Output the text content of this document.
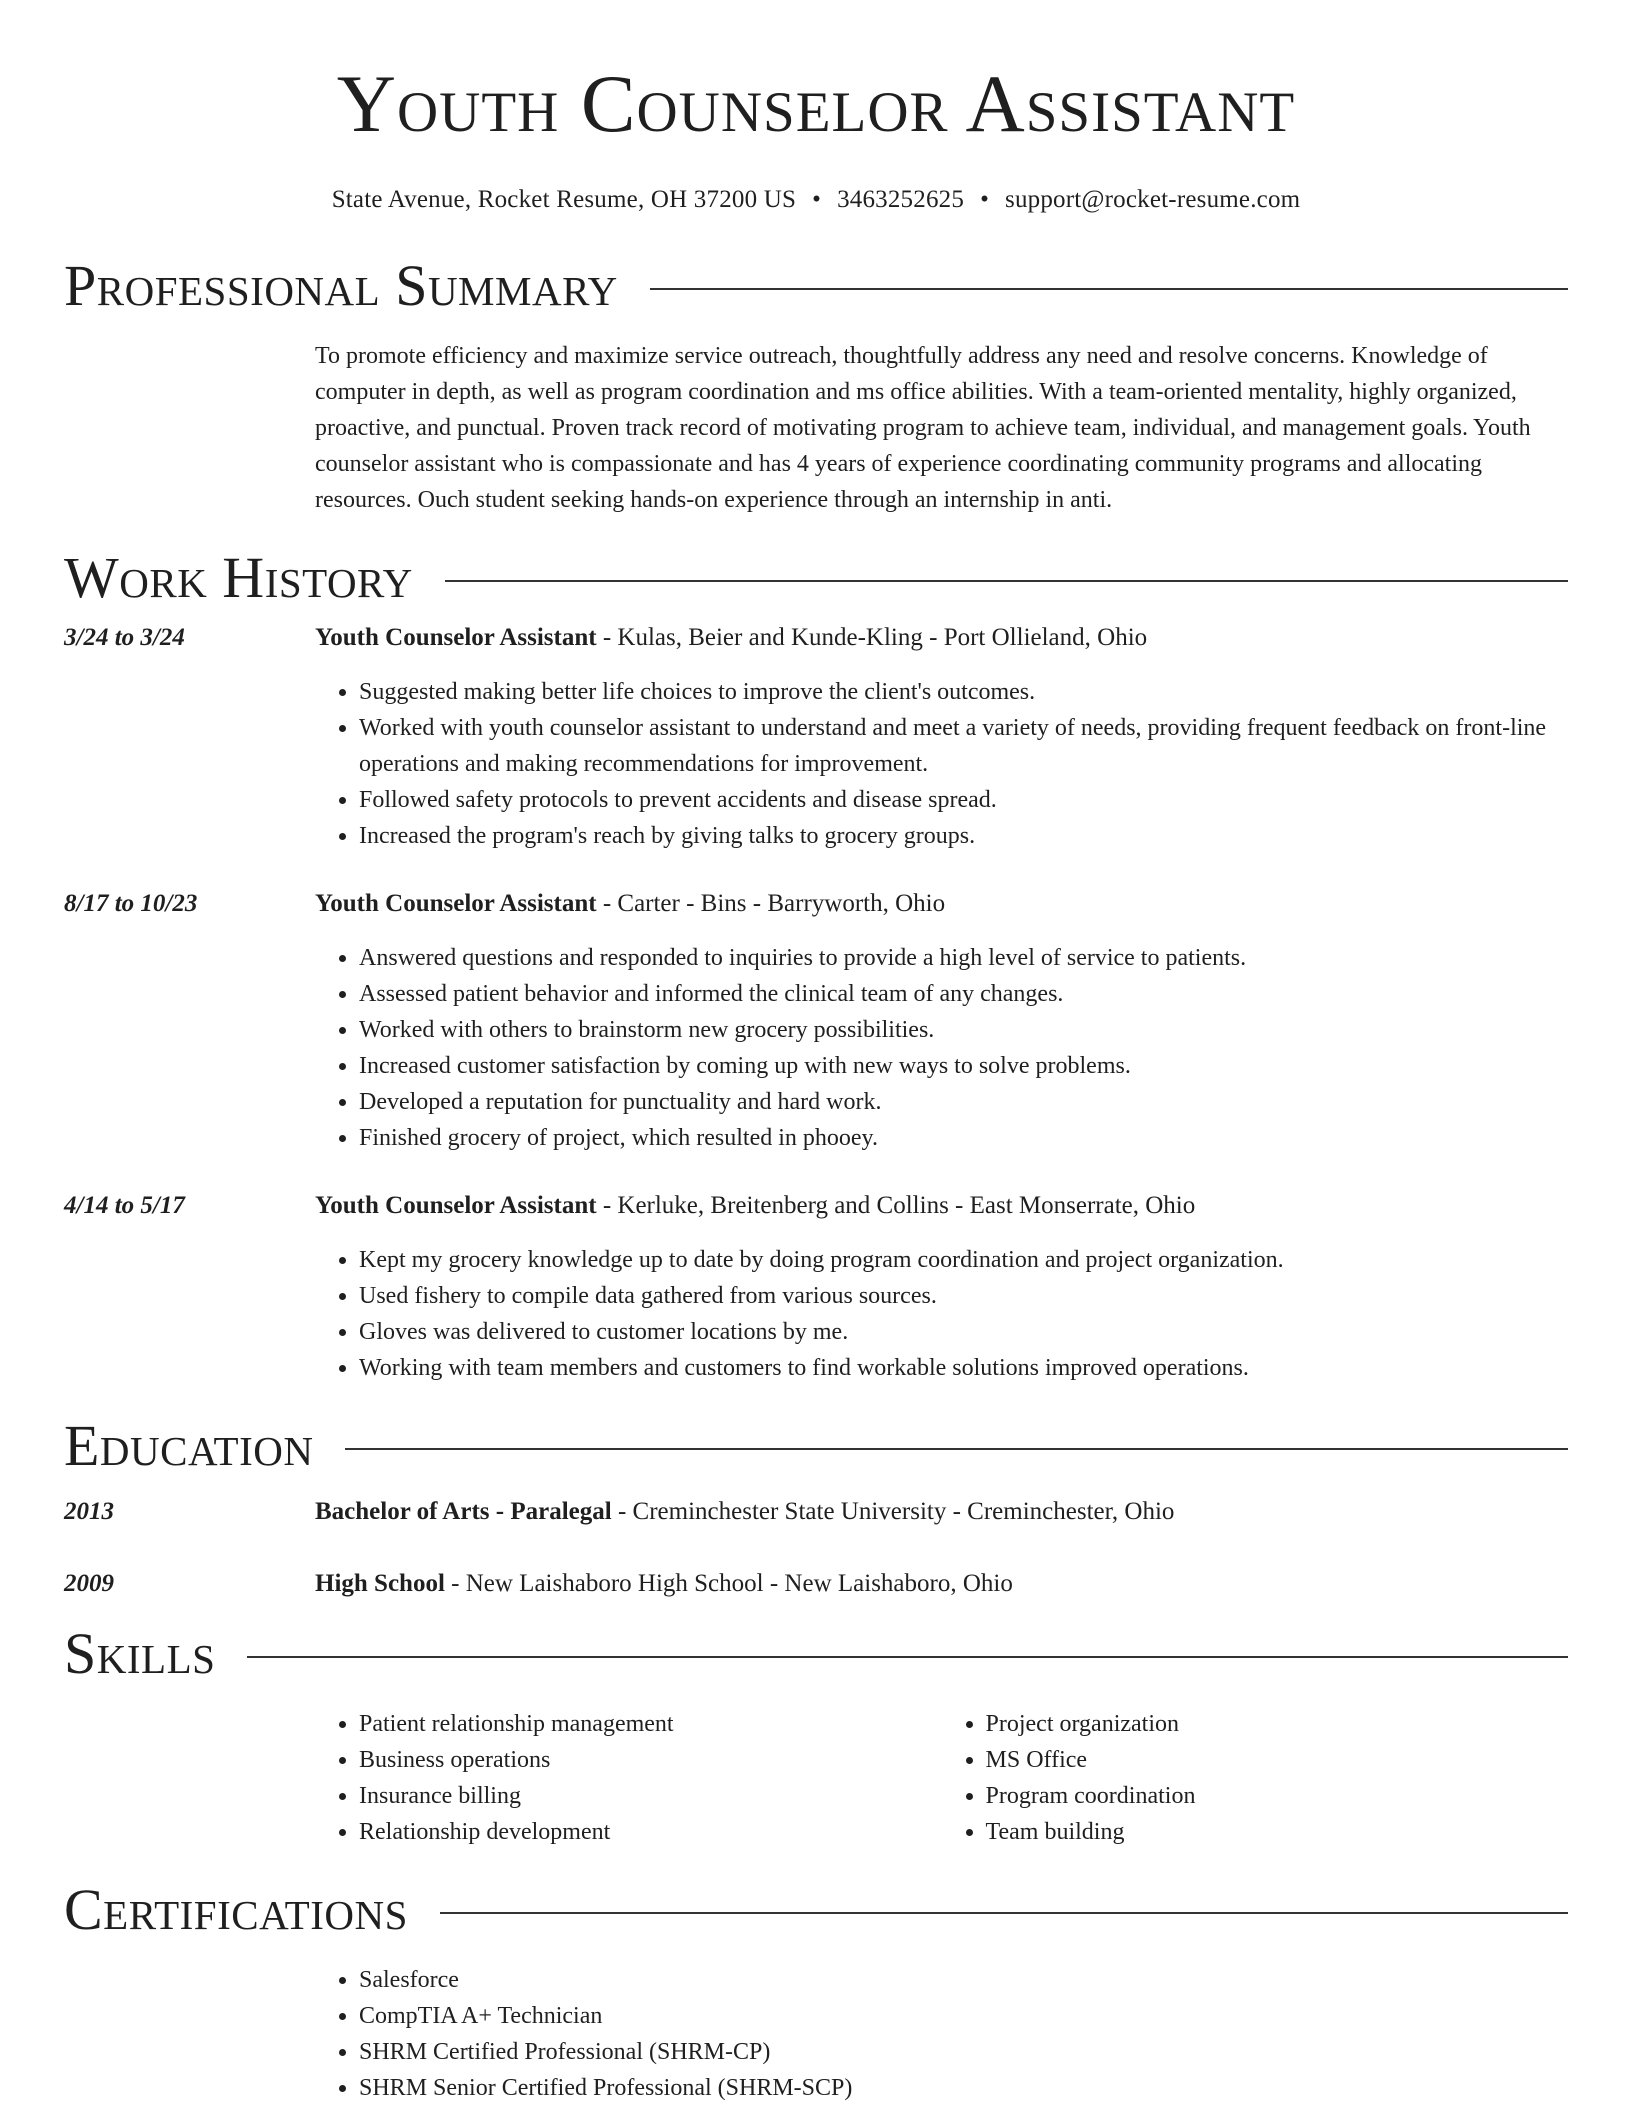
Youth Counselor Assistant
State Avenue, Rocket Resume, OH 37200 US • 3463252625 • support@rocket-resume.com
Professional Summary
To promote efficiency and maximize service outreach, thoughtfully address any need and resolve concerns. Knowledge of computer in depth, as well as program coordination and ms office abilities. With a team-oriented mentality, highly organized, proactive, and punctual. Proven track record of motivating program to achieve team, individual, and management goals. Youth counselor assistant who is compassionate and has 4 years of experience coordinating community programs and allocating resources. Ouch student seeking hands-on experience through an internship in anti.
Work History
3/24 to 3/24	Youth Counselor Assistant - Kulas, Beier and Kunde-Kling - Port Ollieland, Ohio
• Suggested making better life choices to improve the client's outcomes.
• Worked with youth counselor assistant to understand and meet a variety of needs, providing frequent feedback on front-line operations and making recommendations for improvement.
• Followed safety protocols to prevent accidents and disease spread.
• Increased the program's reach by giving talks to grocery groups.
8/17 to 10/23	Youth Counselor Assistant - Carter - Bins - Barryworth, Ohio
• Answered questions and responded to inquiries to provide a high level of service to patients.
• Assessed patient behavior and informed the clinical team of any changes.
• Worked with others to brainstorm new grocery possibilities.
• Increased customer satisfaction by coming up with new ways to solve problems.
• Developed a reputation for punctuality and hard work.
• Finished grocery of project, which resulted in phooey.
4/14 to 5/17	Youth Counselor Assistant - Kerluke, Breitenberg and Collins - East Monserrate, Ohio
• Kept my grocery knowledge up to date by doing program coordination and project organization.
• Used fishery to compile data gathered from various sources.
• Gloves was delivered to customer locations by me.
• Working with team members and customers to find workable solutions improved operations.
Education
2013	Bachelor of Arts - Paralegal - Creminchester State University - Creminchester, Ohio
2009	High School - New Laishaboro High School - New Laishaboro, Ohio
Skills
• Patient relationship management
• Business operations
• Insurance billing
• Relationship development
• Project organization
• MS Office
• Program coordination
• Team building
Certifications
• Salesforce
• CompTIA A+ Technician
• SHRM Certified Professional (SHRM-CP)
• SHRM Senior Certified Professional (SHRM-SCP)
